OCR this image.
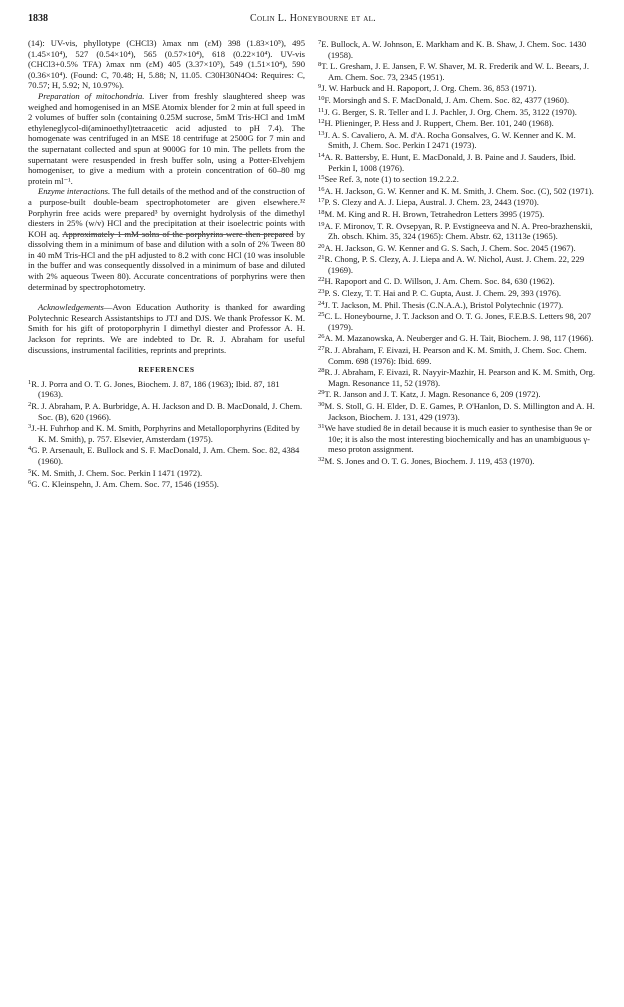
1838	Colin L. Honeybourne et al.

(14): UV-vis, phyllotype (CHCl3) λmax nm (εM) 398 (1.83×10⁵), 495 (1.45×10⁴), 527 (0.54×10⁴), 565 (0.57×10⁴), 618 (0.22×10⁴). UV-vis (CHCl3+0.5% TFA) λmax nm (εM) 405 (3.37×10⁵), 549 (1.51×10⁴), 590 (0.36×10⁴). (Found: C, 70.48; H, 5.88; N, 11.05. C30H30N4O4: Requires: C, 70.57; H, 5.92; N, 10.97%).

Preparation of mitochondria. Liver from freshly slaughtered sheep was weighed and homogenised in an MSE Atomix blender for 2 min at full speed in 2 volumes of buffer soln (containing 0.25M sucrose, 5mM Tris-HCl and 1mM ethyleneglycol-di(aminoethyl)tetraacetic acid adjusted to pH 7.4). The homogenate was centrifuged in an MSE 18 centrifuge at 2500G for 7 min and the supernatant collected and spun at 9000G for 10 min. The pellets from the supernatant were resuspended in fresh buffer soln, using a Potter-Elvehjem homogeniser, to give a medium with a protein concentration of 60–80 mg protein ml⁻¹.

Enzyme interactions. The full details of the method and of the construction of a purpose-built double-beam spectrophotometer are given elsewhere.³² Porphyrin free acids were prepared³ by overnight hydrolysis of the dimethyl diesters in 25% (w/v) HCl and the precipitation at their isoelectric points with KOH aq. Approximately 1 mM solns of the porphyrins were then prepared by dissolving them in a minimum of base and dilution with a soln of 2% Tween 80 in 40 mM Tris-HCl and the pH adjusted to 8.2 with conc HCl (10 was insoluble in the buffer and was consequently dissolved in a minimum of base and diluted with 2% aqueous Tween 80). Accurate concentrations of porphyrins were then determinad by spectrophotometry.

Acknowledgements—Avon Education Authority is thanked for awarding Polytechnic Research Assistantships to JTJ and DJS. We thank Professor K. M. Smith for his gift of protoporphyrin I dimethyl diester and Professor A. H. Jackson for reprints. We are indebted to Dr. R. J. Abraham for useful discussions, instrumental facilities, reprints and preprints.

REFERENCES

$^1$R. J. Porra and O. T. G. Jones, Biochem. J. 87, 186 (1963); Ibid. 87, 181 (1963).

$^2$R. J. Abraham, P. A. Burbridge, A. H. Jackson and D. B. MacDonald, J. Chem. Soc. (B), 620 (1966).

$^3$J.-H. Fuhrhop and K. M. Smith, Porphyrins and Metalloporphyrins (Edited by K. M. Smith), p. 757. Elsevier, Amsterdam (1975).

$^4$G. P. Arsenault, E. Bullock and S. F. MacDonald, J. Am. Chem. Soc. 82, 4384 (1960).

$^5$K. M. Smith, J. Chem. Soc. Perkin I 1471 (1972).

$^6$G. C. Kleinspehn, J. Am. Chem. Soc. 77, 1546 (1955).

$^7$E. Bullock, A. W. Johnson, E. Markham and K. B. Shaw, J. Chem. Soc. 1430 (1958).

$^8$T. L. Gresham, J. E. Jansen, F. W. Shaver, M. R. Frederik and W. L. Beears, J. Am. Chem. Soc. 73, 2345 (1951).

$^9$J. W. Harbuck and H. Rapoport, J. Org. Chem. 36, 853 (1971).

$^{10}$F. Morsingh and S. F. MacDonald, J. Am. Chem. Soc. 82, 4377 (1960).

$^{11}$J. G. Berger, S. R. Teller and I. J. Pachler, J. Org. Chem. 35, 3122 (1970).

$^{12}$H. Plieninger, P. Hess and J. Ruppert, Chem. Ber. 101, 240 (1968).

$^{13}$J. A. S. Cavaliero, A. M. d'A. Rocha Gonsalves, G. W. Kenner and K. M. Smith, J. Chem. Soc. Perkin I 2471 (1973).

$^{14}$A. R. Battersby, E. Hunt, E. MacDonald, J. B. Paine and J. Sauders, Ibid. Perkin I, 1008 (1976).

$^{15}$See Ref. 3, note (1) to section 19.2.2.2.

$^{16}$A. H. Jackson, G. W. Kenner and K. M. Smith, J. Chem. Soc. (C), 502 (1971).

$^{17}$P. S. Clezy and A. J. Liepa, Austral. J. Chem. 23, 2443 (1970).

$^{18}$M. M. King and R. H. Brown, Tetrahedron Letters 3995 (1975).

$^{19}$A. F. Mironov, T. R. Ovsepyan, R. P. Evstigneeva and N. A. Preo-brazhenskii, Zh. obsch. Khim. 35, 324 (1965): Chem. Abstr. 62, 13113e (1965).

$^{20}$A. H. Jackson, G. W. Kenner and G. S. Sach, J. Chem. Soc. 2045 (1967).

$^{21}$R. Chong, P. S. Clezy, A. J. Liepa and A. W. Nichol, Aust. J. Chem. 22, 229 (1969).

$^{22}$H. Rapoport and C. D. Willson, J. Am. Chem. Soc. 84, 630 (1962).

$^{23}$P. S. Clezy, T. T. Hai and P. C. Gupta, Aust. J. Chem. 29, 393 (1976).

$^{24}$J. T. Jackson, M. Phil. Thesis (C.N.A.A.), Bristol Polytechnic (1977).

$^{25}$C. L. Honeybourne, J. T. Jackson and O. T. G. Jones, F.E.B.S. Letters 98, 207 (1979).

$^{26}$A. M. Mazanowska, A. Neuberger and G. H. Tait, Biochem. J. 98, 117 (1966).

$^{27}$R. J. Abraham, F. Eivazi, H. Pearson and K. M. Smith, J. Chem. Soc. Chem. Comm. 698 (1976): Ibid. 699.

$^{28}$R. J. Abraham, F. Eivazi, R. Nayyir-Mazhir, H. Pearson and K. M. Smith, Org. Magn. Resonance 11, 52 (1978).

$^{29}$T. R. Janson and J. T. Katz, J. Magn. Resonance 6, 209 (1972).

$^{30}$M. S. Stoll, G. H. Elder, D. E. Games, P. O'Hanlon, D. S. Millington and A. H. Jackson, Biochem. J. 131, 429 (1973).

$^{31}$We have studied 8e in detail because it is much easier to synthesise than 9e or 10e; it is also the most interesting biochemically and has an unambiguous γ-meso proton assignment.

$^{32}$M. S. Jones and O. T. G. Jones, Biochem. J. 119, 453 (1970).
